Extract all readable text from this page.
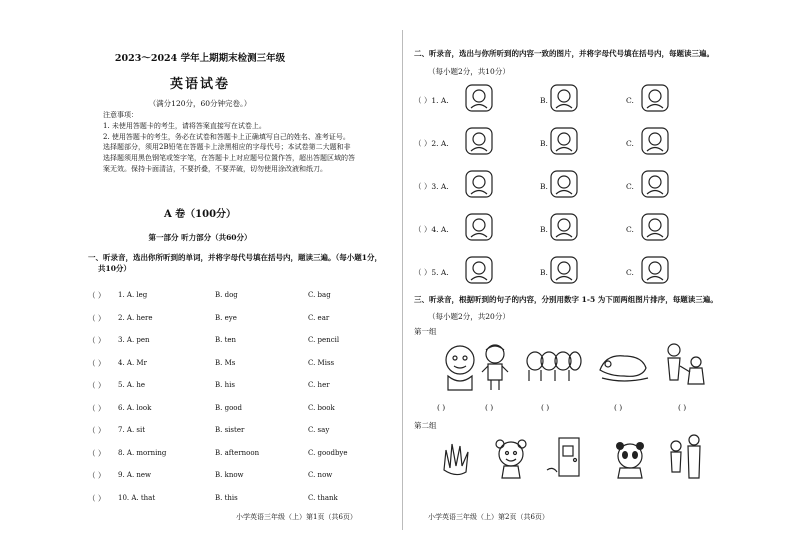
2023～2024 学年上期期末检测三年级
英语试卷
（满分120分，60分钟完卷。）
注意事项：
1. 未使用答题卡的考生，请将答案直接写在试卷上。
2. 使用答题卡的考生，务必在试卷和答题卡上正确填写自己的姓名、准考证号。
选择题部分，须用2B铅笔在答题卡上涂黑相应的字母代号；本试卷第二大题和非
选择题须用黑色钢笔或签字笔，在答题卡上对应题号位置作答，超出答题区域的答
案无效。保持卡面清洁，不要折叠，不要弄破，切勿使用涂改液和纸刀。
A 卷（100分）
第一部分 听力部分（共60分）
一、听录音，选出你所听到的单词，并将字母代号填在括号内，题读三遍。（每小题1分，
共10分）
（ ） 1. A. leg	B. dog	C. bag
（ ） 2. A. here	B. eye	C. ear
（ ） 3. A. pen	B. ten	C. pencil
（ ） 4. A. Mr	B. Ms	C. Miss
（ ） 5. A. he	B. his	C. her
（ ） 6. A. look	B. good	C. book
（ ） 7. A. sit	B. sister	C. say
（ ） 8. A. morning	B. afternoon	C. goodbye
（ ） 9. A. new	B. know	C. now
（ ） 10. A. that	B. this	C. thank
小学英语三年级（上）第1页（共6页）
二、听录音，选出与你所听到的内容一致的图片，并将字母代号填在括号内，每题读三遍。
（每小题2分，共10分）
（ ）1. A.	B.	C.
（ ）2. A.	B.	C.
（ ）3. A.	B.	C.
（ ）4. A.	B.	C.
（ ）5. A.	B.	C.
三、听录音，根据听到的句子的内容，分别用数字 1-5 为下面两组图片排序，每题读三遍。
（每小题2分，共20分）
第一组
第二组
( )	( )	( )	( )	( )
小学英语三年级（上）第2页（共6页）
